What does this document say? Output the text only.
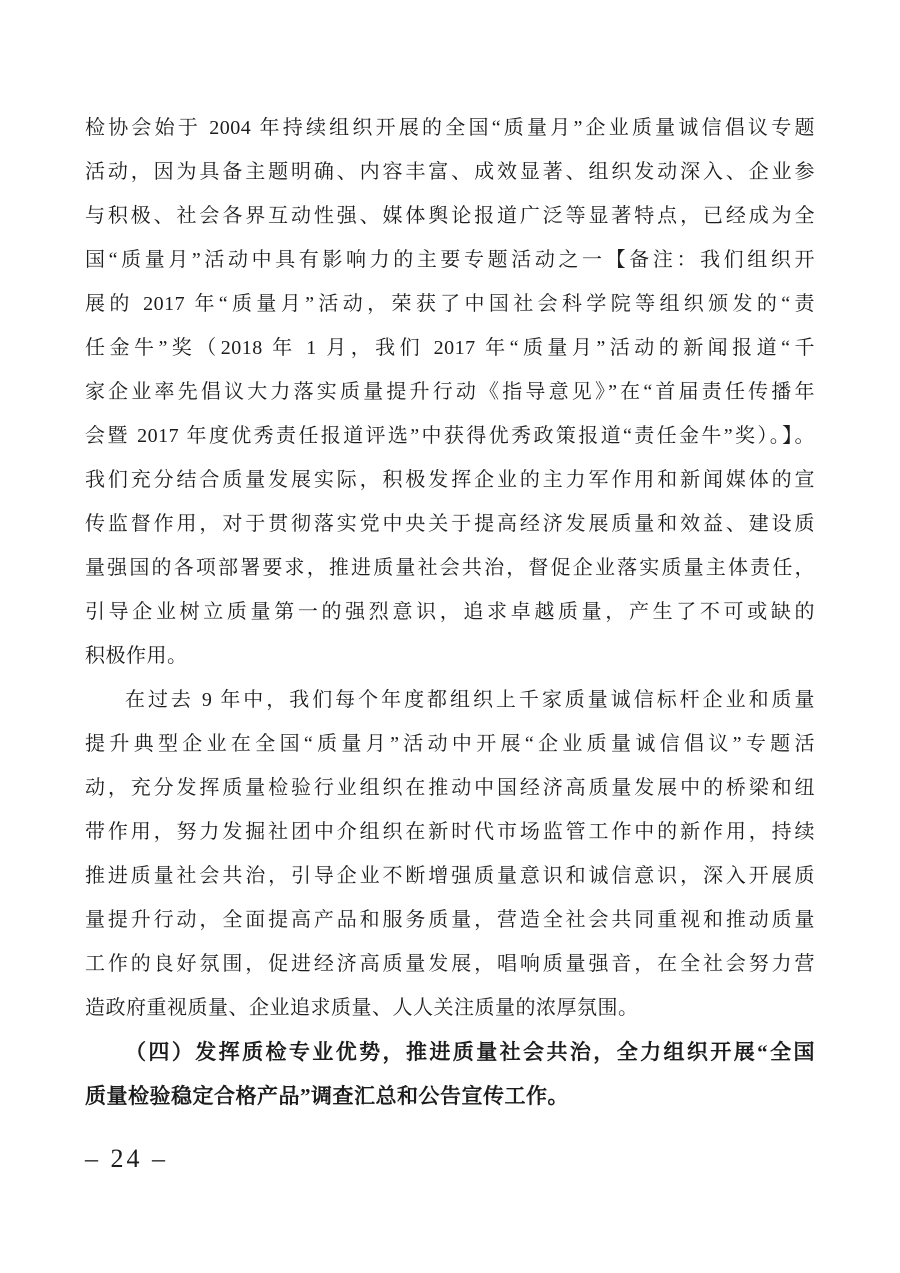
检协会始于 2004 年持续组织开展的全国“质量月”企业质量诚信倡议专题
活动，因为具备主题明确、内容丰富、成效显著、组织发动深入、企业参
与积极、社会各界互动性强、媒体舆论报道广泛等显著特点，已经成为全
国“质量月”活动中具有影响力的主要专题活动之一【备注：我们组织开
展的 2017 年“质量月”活动，荣获了中国社会科学院等组织颁发的“责
任金牛”奖（2018 年 1 月，我们 2017 年“质量月”活动的新闻报道“千
家企业率先倡议大力落实质量提升行动《指导意见》”在“首届责任传播年
会暨 2017 年度优秀责任报道评选”中获得优秀政策报道“责任金牛”奖）。】。
我们充分结合质量发展实际，积极发挥企业的主力军作用和新闻媒体的宣
传监督作用，对于贯彻落实党中央关于提高经济发展质量和效益、建设质
量强国的各项部署要求，推进质量社会共治，督促企业落实质量主体责任，
引导企业树立质量第一的强烈意识，追求卓越质量，产生了不可或缺的
积极作用。
在过去 9 年中，我们每个年度都组织上千家质量诚信标杆企业和质量
提升典型企业在全国“质量月”活动中开展“企业质量诚信倡议”专题活
动，充分发挥质量检验行业组织在推动中国经济高质量发展中的桥梁和纽
带作用，努力发掘社团中介组织在新时代市场监管工作中的新作用，持续
推进质量社会共治，引导企业不断增强质量意识和诚信意识，深入开展质
量提升行动，全面提高产品和服务质量，营造全社会共同重视和推动质量
工作的良好氛围，促进经济高质量发展，唱响质量强音，在全社会努力营
造政府重视质量、企业追求质量、人人关注质量的浓厚氛围。
（四）发挥质检专业优势，推进质量社会共治，全力组织开展“全国
质量检验稳定合格产品”调查汇总和公告宣传工作。
– 24 –
